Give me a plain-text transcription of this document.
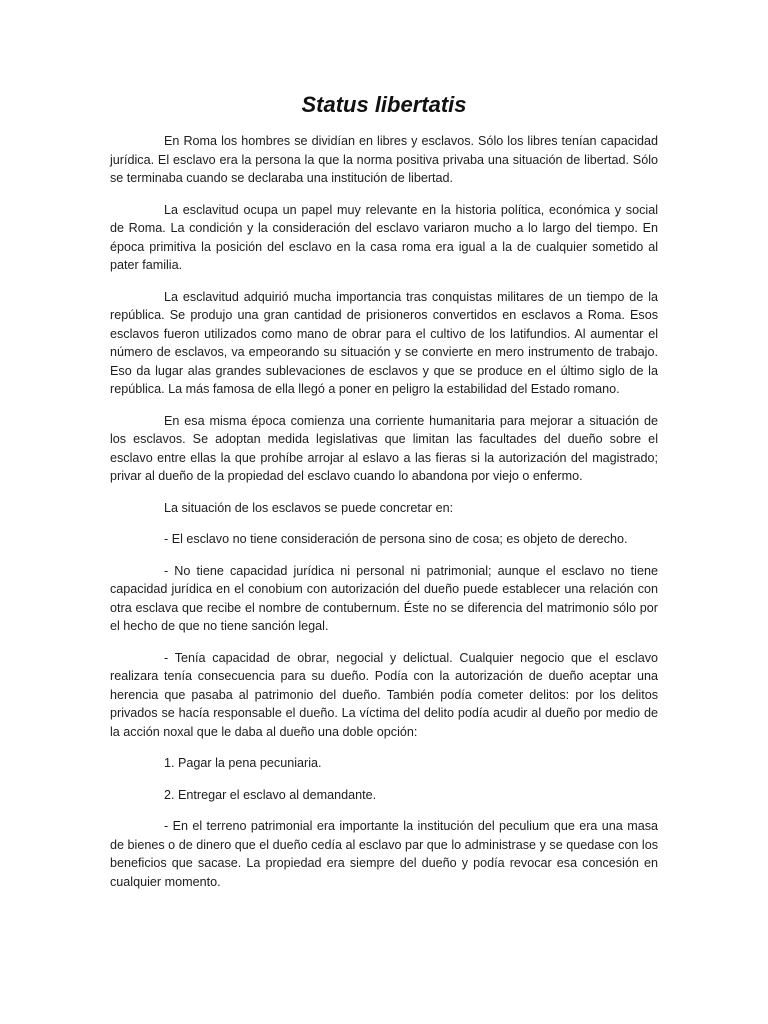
Status libertatis

En Roma los hombres se dividían en libres y esclavos. Sólo los libres tenían capacidad jurídica. El esclavo era la persona la que la norma positiva privaba una situación de libertad. Sólo se terminaba cuando se declaraba una institución de libertad.

La esclavitud ocupa un papel muy relevante en la historia política, económica y social de Roma. La condición y la consideración del esclavo variaron mucho a lo largo del tiempo. En época primitiva la posición del esclavo en la casa roma era igual a la de cualquier sometido al pater familia.

La esclavitud adquirió mucha importancia tras conquistas militares de un tiempo de la república. Se produjo una gran cantidad de prisioneros convertidos en esclavos a Roma. Esos esclavos fueron utilizados como mano de obrar para el cultivo de los latifundios. Al aumentar el número de esclavos, va empeorando su situación y se convierte en mero instrumento de trabajo. Eso da lugar alas grandes sublevaciones de esclavos y que se produce en el último siglo de la república. La más famosa de ella llegó a poner en peligro la estabilidad del Estado romano.

En esa misma época comienza una corriente humanitaria para mejorar a situación de los esclavos. Se adoptan medida legislativas que limitan las facultades del dueño sobre el esclavo entre ellas la que prohíbe arrojar al eslavo a las fieras si la autorización del magistrado; privar al dueño de la propiedad del esclavo cuando lo abandona por viejo o enfermo.

La situación de los esclavos se puede concretar en:

- El esclavo no tiene consideración de persona sino de cosa; es objeto de derecho.

- No tiene capacidad jurídica ni personal ni patrimonial; aunque el esclavo no tiene capacidad jurídica en el conobium con autorización del dueño puede establecer una relación con otra esclava que recibe el nombre de contubernum. Éste no se diferencia del matrimonio sólo por el hecho de que no tiene sanción legal.

- Tenía capacidad de obrar, negocial y delictual. Cualquier negocio que el esclavo realizara tenía consecuencia para su dueño. Podía con la autorización de dueño aceptar una herencia que pasaba al patrimonio del dueño. También podía cometer delitos: por los delitos privados se hacía responsable el dueño. La víctima del delito podía acudir al dueño por medio de la acción noxal que le daba al dueño una doble opción:

1. Pagar la pena pecuniaria.

2. Entregar el esclavo al demandante.

- En el terreno patrimonial era importante la institución del peculium que era una masa de bienes o de dinero que el dueño cedía al esclavo par que lo administrase y se quedase con los beneficios que sacase. La propiedad era siempre del dueño y podía revocar esa concesión en cualquier momento.
